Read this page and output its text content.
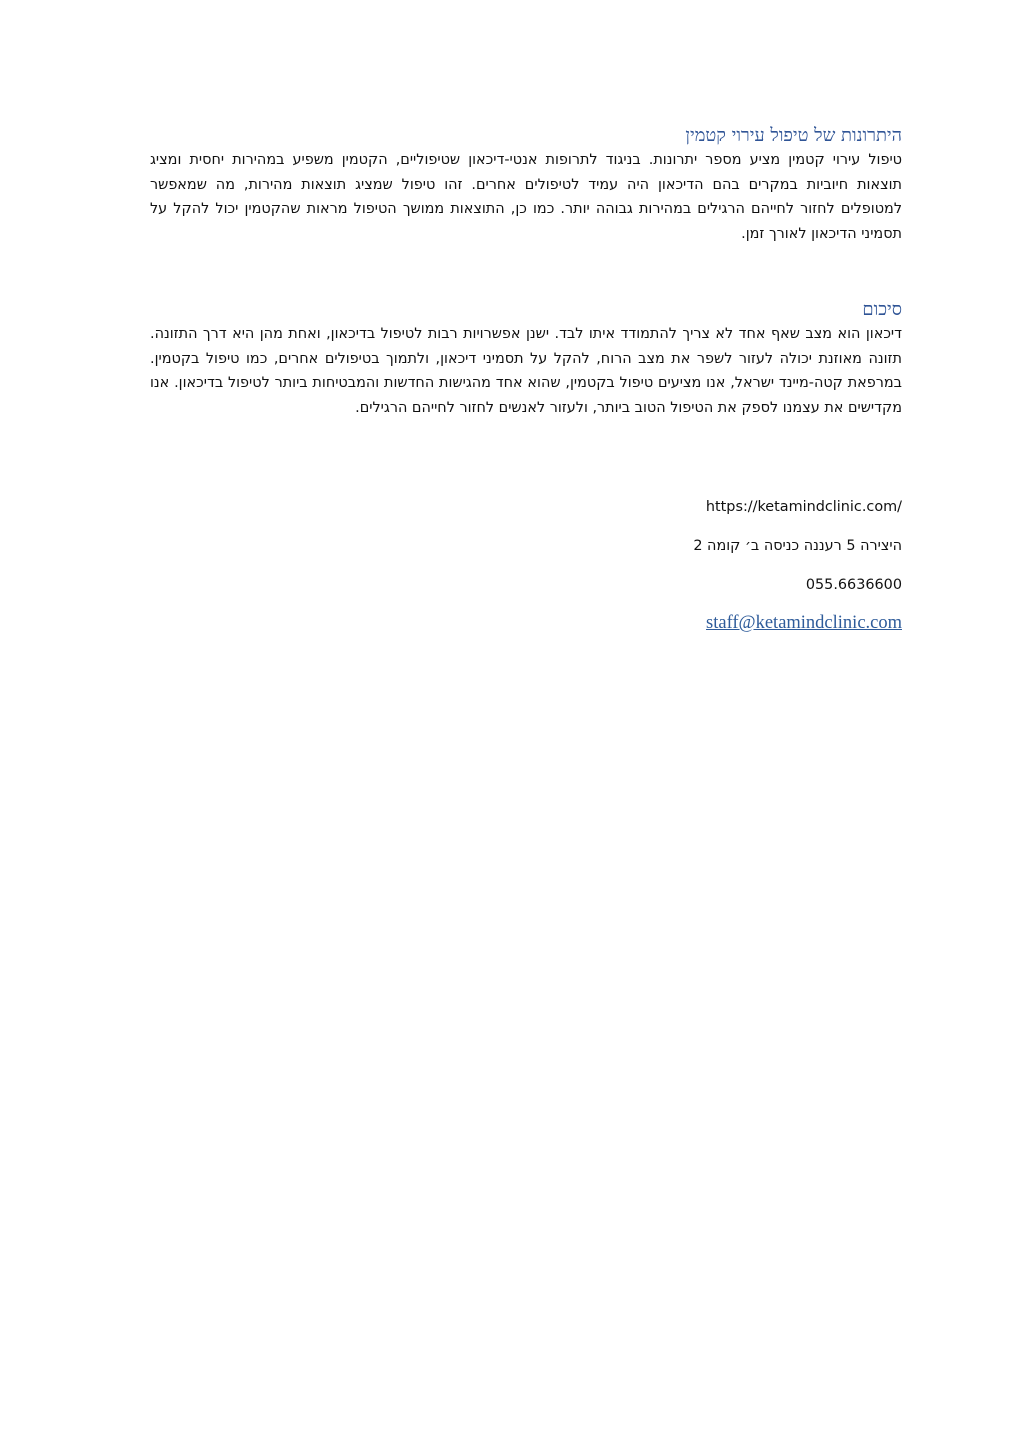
היתרונות של טיפול עירוי קטמין

טיפול עירוי קטמין מציע מספר יתרונות. בניגוד לתרופות אנטי-דיכאון שטיפוליים, הקטמין משפיע במהירות יחסית ומציג תוצאות חיוביות במקרים בהם הדיכאון היה עמיד לטיפולים אחרים. זהו טיפול שמציג תוצאות מהירות, מה שמאפשר למטופלים לחזור לחייהם הרגילים במהירות גבוהה יותר. כמו כן, התוצאות ממושך הטיפול מראות שהקטמין יכול להקל על תסמיני הדיכאון לאורך זמן.

סיכום

דיכאון הוא מצב שאף אחד לא צריך להתמודד איתו לבד. ישנן אפשרויות רבות לטיפול בדיכאון, ואחת מהן היא דרך התזונה. תזונה מאוזנת יכולה לעזור לשפר את מצב הרוח, להקל על תסמיני דיכאון, ולתמוך בטיפולים אחרים, כמו טיפול בקטמין. במרפאת קטה-מיינד ישראל, אנו מציעים טיפול בקטמין, שהוא אחד מהגישות החדשות והמבטיחות ביותר לטיפול בדיכאון. אנו מקדישים את עצמנו לספק את הטיפול הטוב ביותר, ולעזור לאנשים לחזור לחייהם הרגילים.

https://ketamindclinic.com/

היצירה 5 רעננה כניסה ב׳ קומה 2

055.6636600

staff@ketamindclinic.com
